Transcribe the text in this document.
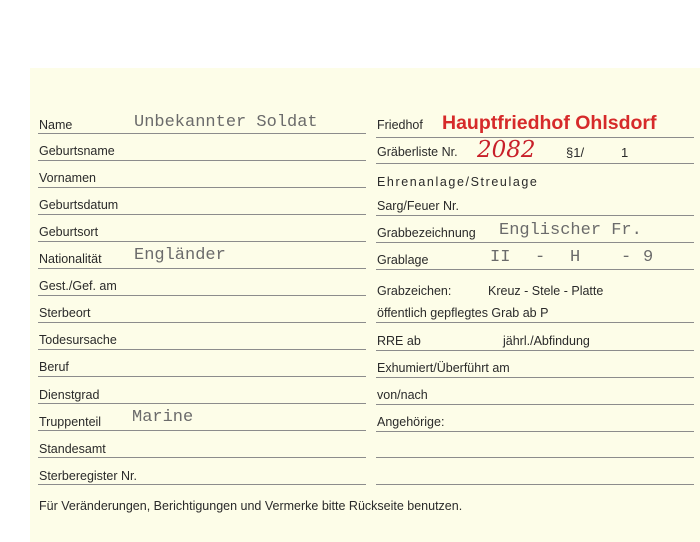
Name	Unbekannter Soldat
Geburtsname
Vornamen
Geburtsdatum
Geburtsort
Nationalität Engländer
Gest./Gef. am
Sterbeort
Todesursache
Beruf
Dienstgrad
Truppenteil Marine
Standesamt
Sterberegister Nr.
Friedhof Hauptfriedhof Ohlsdorf
Gräberliste Nr. 2082 §1/	1
Ehrenanlage/Streulage
Sarg/Feuer Nr.
Grabbezeichnung Englischer Fr.
Grablage	II - H - 9
Grabzeichen:	Kreuz - Stele - Platte
öffentlich gepflegtes Grab ab P
RRE ab	jährl./Abfindung
Exhumiert/Überführt am
von/nach
Angehörige:
Für Veränderungen, Berichtigungen und Vermerke bitte Rückseite benutzen.
